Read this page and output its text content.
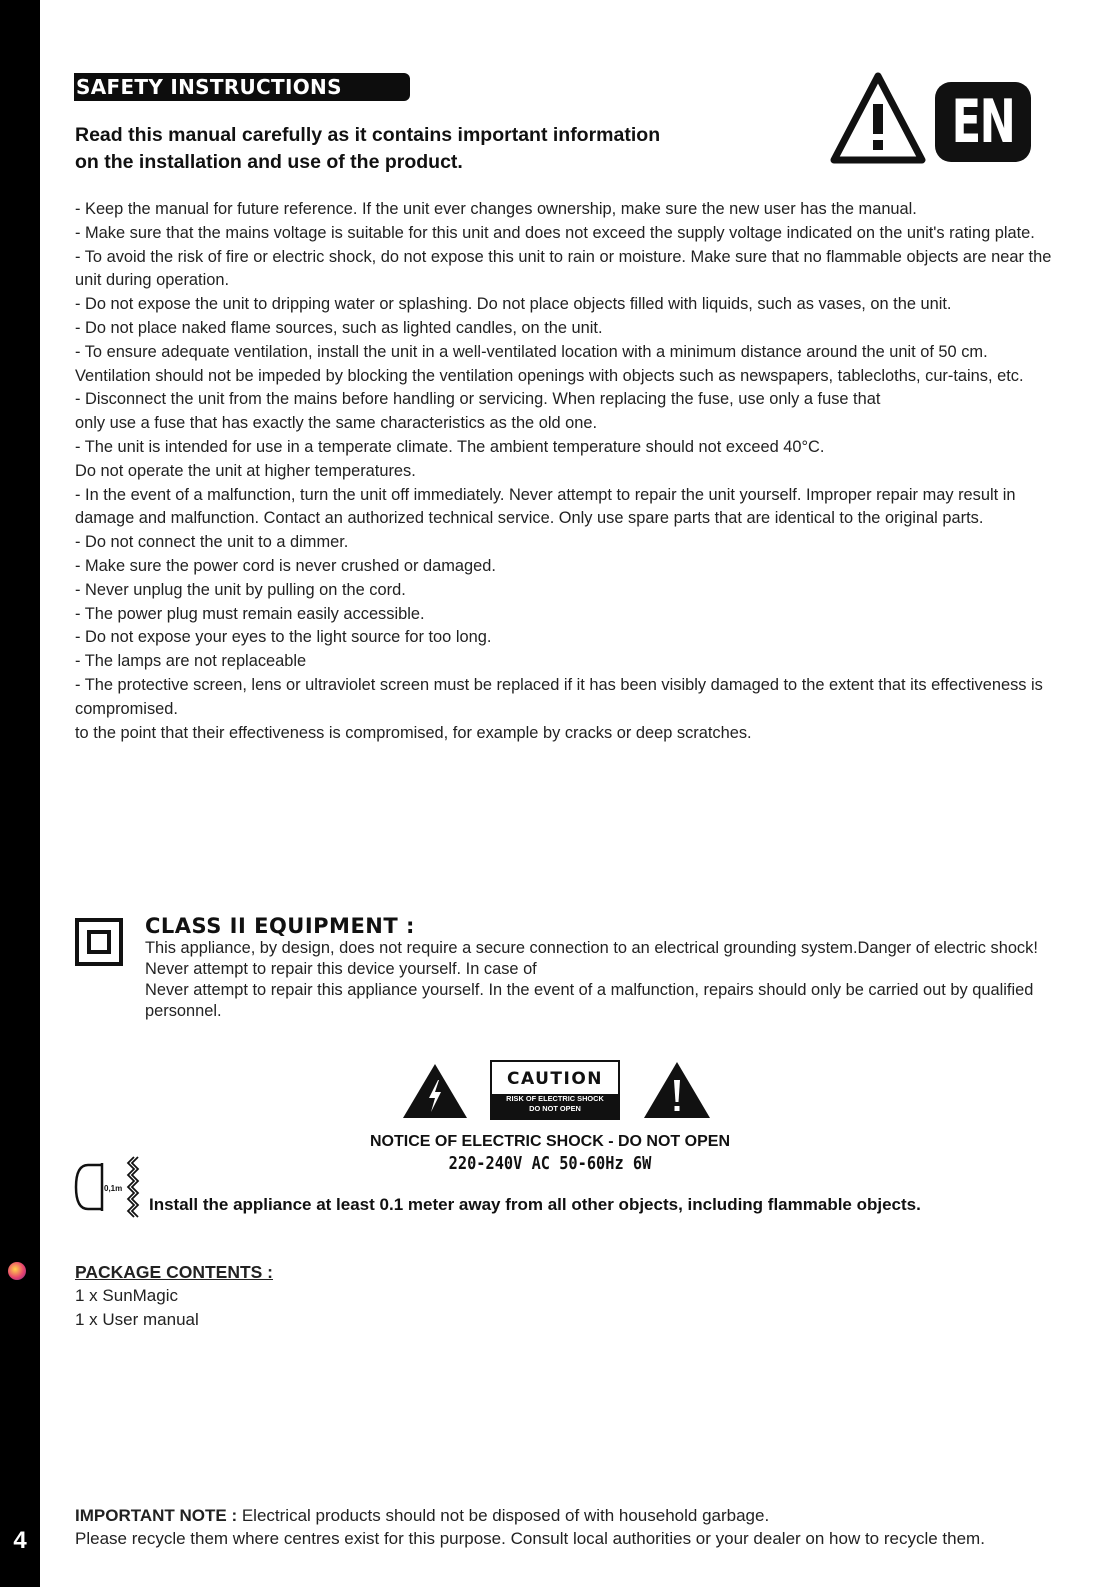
LyteQuest
4
SAFETY INSTRUCTIONS
Read this manual carefully as it contains important information
on the installation and use of the product.
EN

- Keep the manual for future reference. If the unit ever changes ownership, make sure the new user has the manual.

- Make sure that the mains voltage is suitable for this unit and does not exceed the supply voltage indicated on the unit's rating plate.

- To avoid the risk of fire or electric shock, do not expose this unit to rain or moisture. Make sure that no flammable objects are near the unit during operation.

- Do not expose the unit to dripping water or splashing. Do not place objects filled with liquids, such as vases, on the unit.

- Do not place naked flame sources, such as lighted candles, on the unit.

- To ensure adequate ventilation, install the unit in a well-ventilated location with a minimum distance around the unit of 50 cm.

Ventilation should not be impeded by blocking the ventilation openings with objects such as newspapers, tablecloths, cur-tains, etc.

- Disconnect the unit from the mains before handling or servicing. When replacing the fuse, use only a fuse that

only use a fuse that has exactly the same characteristics as the old one.

- The unit is intended for use in a temperate climate. The ambient temperature should not exceed 40°C.

Do not operate the unit at higher temperatures.

- In the event of a malfunction, turn the unit off immediately. Never attempt to repair the unit yourself. Improper repair may result in damage and malfunction. Contact an authorized technical service. Only use spare parts that are identical to the original parts.

- Do not connect the unit to a dimmer.

- Make sure the power cord is never crushed or damaged.

- Never unplug the unit by pulling on the cord.

- The power plug must remain easily accessible.

- Do not expose your eyes to the light source for too long.

- The lamps are not replaceable

- The protective screen, lens or ultraviolet screen must be replaced if it has been visibly damaged to the extent that its effectiveness is compromised.

to the point that their effectiveness is compromised, for example by cracks or deep scratches.

CLASS II EQUIPMENT :

This appliance, by design, does not require a secure connection to an electrical grounding system.Danger of electric shock! Never attempt to repair this device yourself. In case of

Never attempt to repair this appliance yourself. In the event of a malfunction, repairs should only be carried out by qualified personnel.

CAUTION
RISK OF ELECTRIC SHOCK
DO NOT OPEN
NOTICE OF ELECTRIC SHOCK - DO NOT OPEN
220-240V AC 50-60Hz 6W
0,1m
Install the appliance at least 0.1 meter away from all other objects, including flammable objects.
PACKAGE CONTENTS :
1 x SunMagic
1 x User manual

IMPORTANT NOTE : Electrical products should not be disposed of with household garbage.

Please recycle them where centres exist for this purpose. Consult local authorities or your dealer on how to recycle them.
